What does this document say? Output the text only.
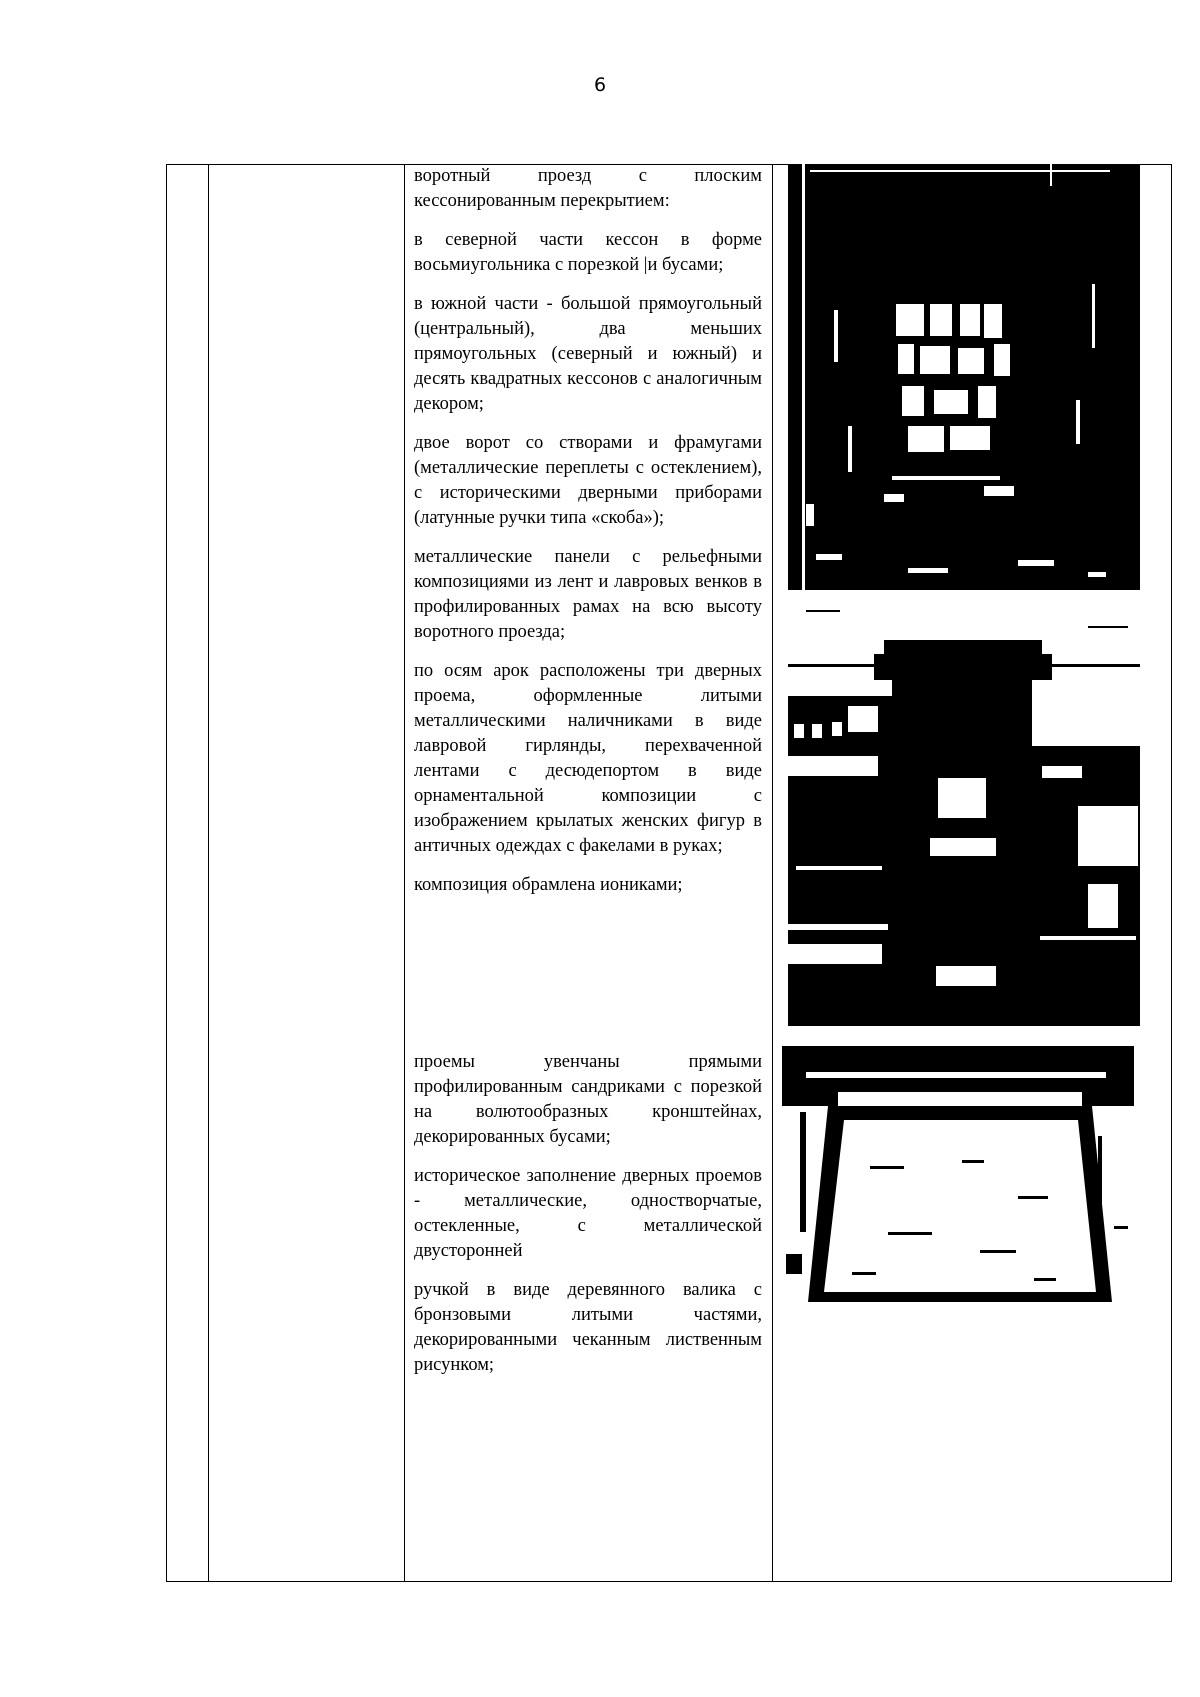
6

воротный проезд с плоским кессонированным перекрытием:

в северной части кессон в форме восьмиугольника с порезкой |и бусами;

в южной части - большой прямоугольный (центральный), два меньших прямоугольных (северный и южный) и десять квадратных кессонов с аналогичным декором;

двое ворот со створами и фрамугами (металлические переплеты с остеклением), с историческими дверными приборами (латунные ручки типа «скоба»);

металлические панели с рельефными композициями из лент и лавровых венков в профилированных рамах на всю высоту воротного проезда;

по осям арок расположены три дверных проема, оформленные литыми металлическими наличниками в виде лавровой гирлянды, перехваченной лентами с десюдепортом в виде орнаментальной композиции с изображением крылатых женских фигур в античных одеждах с факелами в руках;

композиция обрамлена иониками;

проемы увенчаны прямыми профилированным сандриками с порезкой на волютообразных кронштейнах, декорированных бусами;

историческое заполнение дверных проемов - металлические, одностворчатые, остекленные, с металлической двусторонней

ручкой в виде деревянного валика с бронзовыми литыми частями, декорированными чеканным лиственным рисунком;
